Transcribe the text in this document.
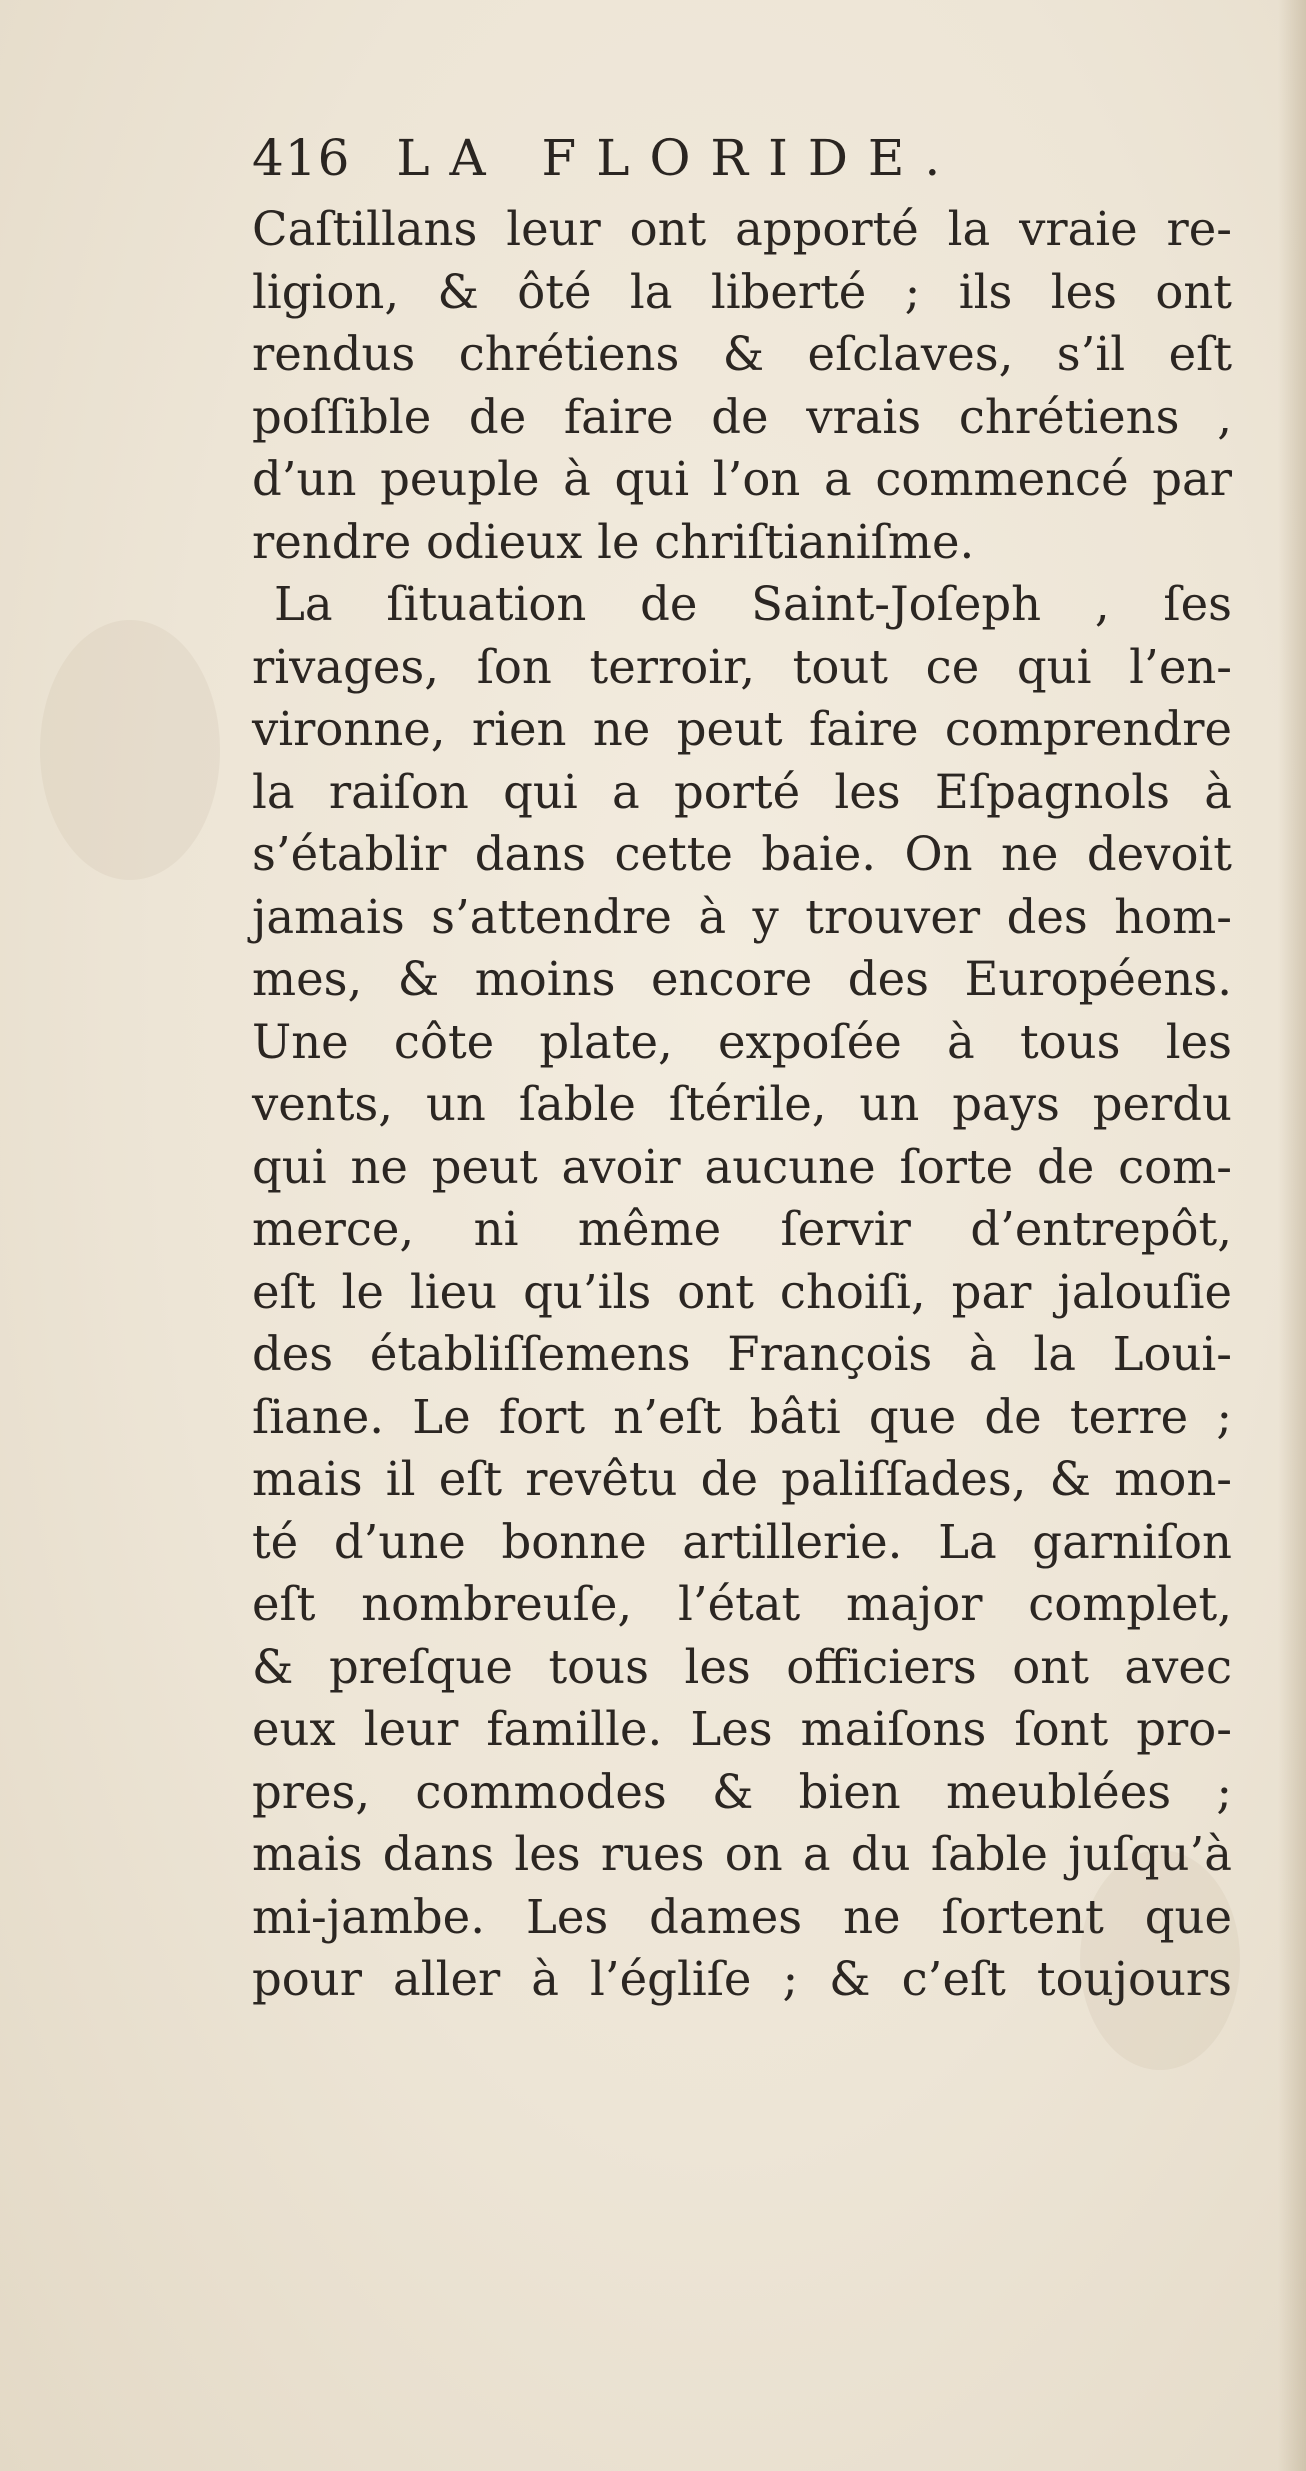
416 LA FLORIDE.
Caſtillans leur ont apporté la vraie re-
ligion, & ôté la liberté ; ils les ont
rendus chrétiens & eſclaves, s’il eſt
poſſible de faire de vrais chrétiens ,
d’un peuple à qui l’on a commencé par
rendre odieux le chriſtianiſme.
La ſituation de Saint-Joſeph , ſes
rivages, ſon terroir, tout ce qui l’en-
vironne, rien ne peut faire comprendre
la raiſon qui a porté les Eſpagnols à
s’établir dans cette baie. On ne devoit
jamais s’attendre à y trouver des hom-
mes, & moins encore des Européens.
Une côte plate, expoſée à tous les
vents, un ſable ſtérile, un pays perdu
qui ne peut avoir aucune ſorte de com-
merce, ni même ſervir d’entrepôt,
eſt le lieu qu’ils ont choiſi, par jalouſie
des établiſſemens François à la Loui-
ſiane. Le fort n’eſt bâti que de terre ;
mais il eſt revêtu de paliſſades, & mon-
té d’une bonne artillerie. La garniſon
eſt nombreuſe, l’état major complet,
& preſque tous les officiers ont avec
eux leur famille. Les maiſons ſont pro-
pres, commodes & bien meublées ;
mais dans les rues on a du ſable juſqu’à
mi-jambe. Les dames ne ſortent que
pour aller à l’égliſe ; & c’eſt toujours
